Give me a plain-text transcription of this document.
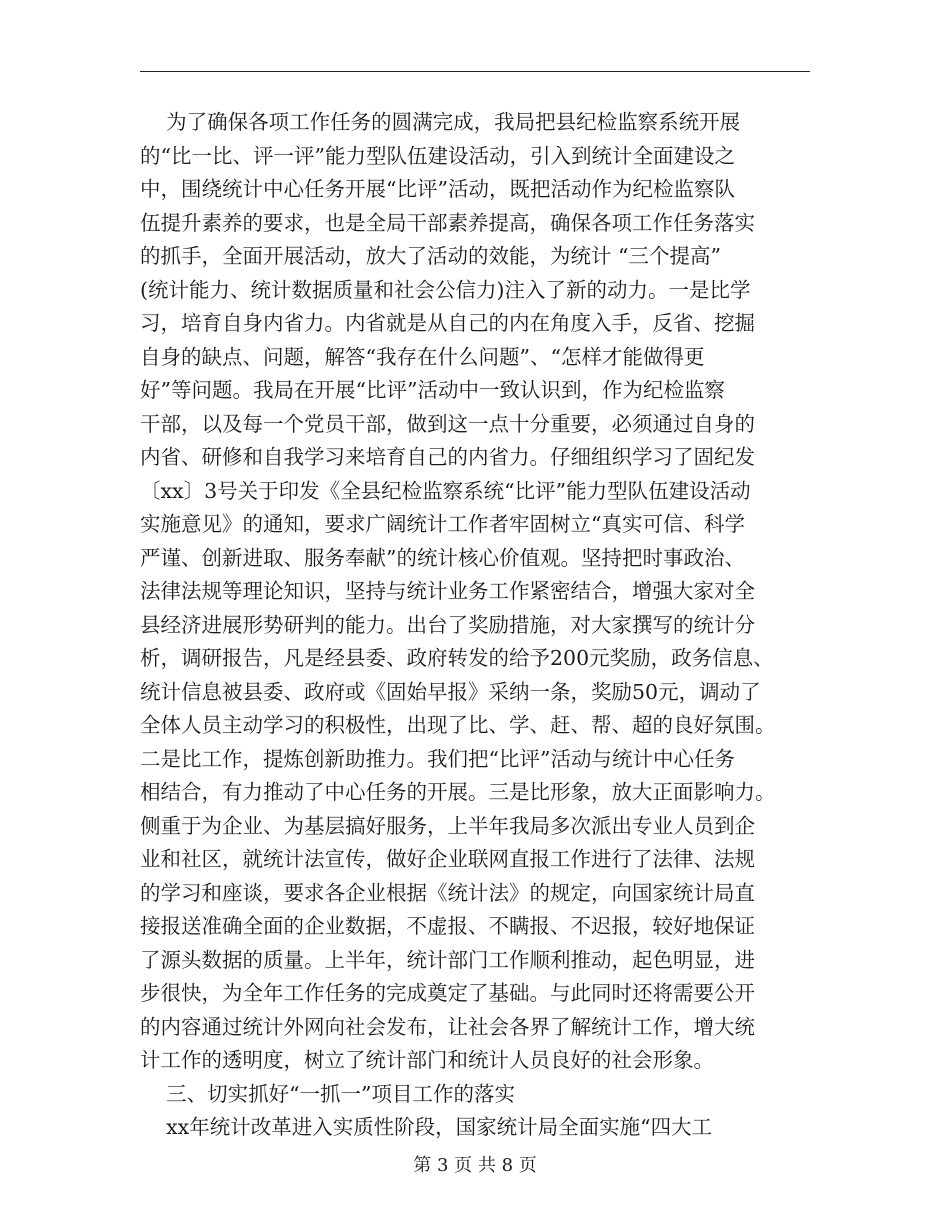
为了确保各项工作任务的圆满完成，我局把县纪检监察系统开展
的“比一比、评一评”能力型队伍建设活动，引入到统计全面建设之
中，围绕统计中心任务开展“比评”活动，既把活动作为纪检监察队
伍提升素养的要求，也是全局干部素养提高，确保各项工作任务落实
的抓手，全面开展活动，放大了活动的效能，为统计 “三个提高”
(统计能力、统计数据质量和社会公信力)注入了新的动力。一是比学
习，培育自身内省力。内省就是从自己的内在角度入手，反省、挖掘
自身的缺点、问题，解答“我存在什么问题”、“怎样才能做得更
好”等问题。我局在开展“比评”活动中一致认识到，作为纪检监察
干部，以及每一个党员干部，做到这一点十分重要，必须通过自身的
内省、研修和自我学习来培育自己的内省力。仔细组织学习了固纪发
〔xx〕3号关于印发《全县纪检监察系统“比评”能力型队伍建设活动
实施意见》的通知，要求广阔统计工作者牢固树立“真实可信、科学
严谨、创新进取、服务奉献”的统计核心价值观。坚持把时事政治、
法律法规等理论知识，坚持与统计业务工作紧密结合，增强大家对全
县经济进展形势研判的能力。出台了奖励措施，对大家撰写的统计分
析，调研报告，凡是经县委、政府转发的给予200元奖励，政务信息、
统计信息被县委、政府或《固始早报》采纳一条，奖励50元，调动了
全体人员主动学习的积极性，出现了比、学、赶、帮、超的良好氛围。
二是比工作，提炼创新助推力。我们把“比评”活动与统计中心任务
相结合，有力推动了中心任务的开展。三是比形象，放大正面影响力。
侧重于为企业、为基层搞好服务，上半年我局多次派出专业人员到企
业和社区，就统计法宣传，做好企业联网直报工作进行了法律、法规
的学习和座谈，要求各企业根据《统计法》的规定，向国家统计局直
接报送准确全面的企业数据，不虚报、不瞒报、不迟报，较好地保证
了源头数据的质量。上半年，统计部门工作顺利推动，起色明显，进
步很快，为全年工作任务的完成奠定了基础。与此同时还将需要公开
的内容通过统计外网向社会发布，让社会各界了解统计工作，增大统
计工作的透明度，树立了统计部门和统计人员良好的社会形象。
三、切实抓好“一抓一”项目工作的落实
xx年统计改革进入实质性阶段，国家统计局全面实施“四大工
第 3 页 共 8 页
